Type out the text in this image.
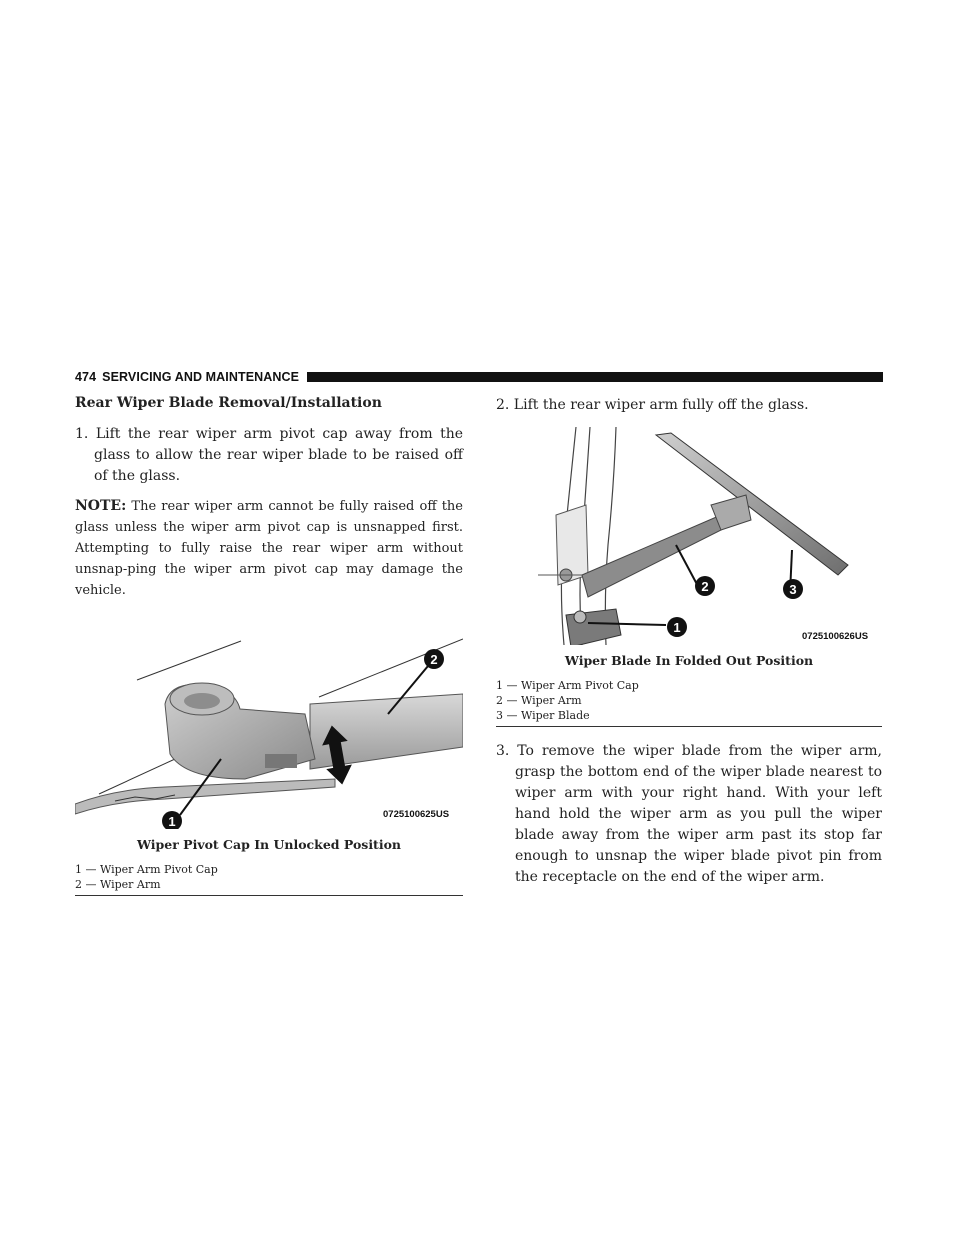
474 SERVICING AND MAINTENANCE
Rear Wiper Blade Removal/Installation

1. Lift the rear wiper arm pivot cap away from the glass to allow the rear wiper blade to be raised off of the glass.

NOTE: The rear wiper arm cannot be fully raised off the glass unless the wiper arm pivot cap is unsnapped first. Attempting to fully raise the rear wiper arm without unsnap-ping the wiper arm pivot cap may damage the vehicle.

1
2
0725100625US
Wiper Pivot Cap In Unlocked Position
1 — Wiper Arm Pivot Cap
2 — Wiper Arm

2. Lift the rear wiper arm fully off the glass.

1
2	3
0725100626US
Wiper Blade In Folded Out Position
1 — Wiper Arm Pivot Cap
2 — Wiper Arm
3 — Wiper Blade

3. To remove the wiper blade from the wiper arm, grasp the bottom end of the wiper blade nearest to wiper arm with your right hand. With your left hand hold the wiper arm as you pull the wiper blade away from the wiper arm past its stop far enough to unsnap the wiper blade pivot pin from the receptacle on the end of the wiper arm.
